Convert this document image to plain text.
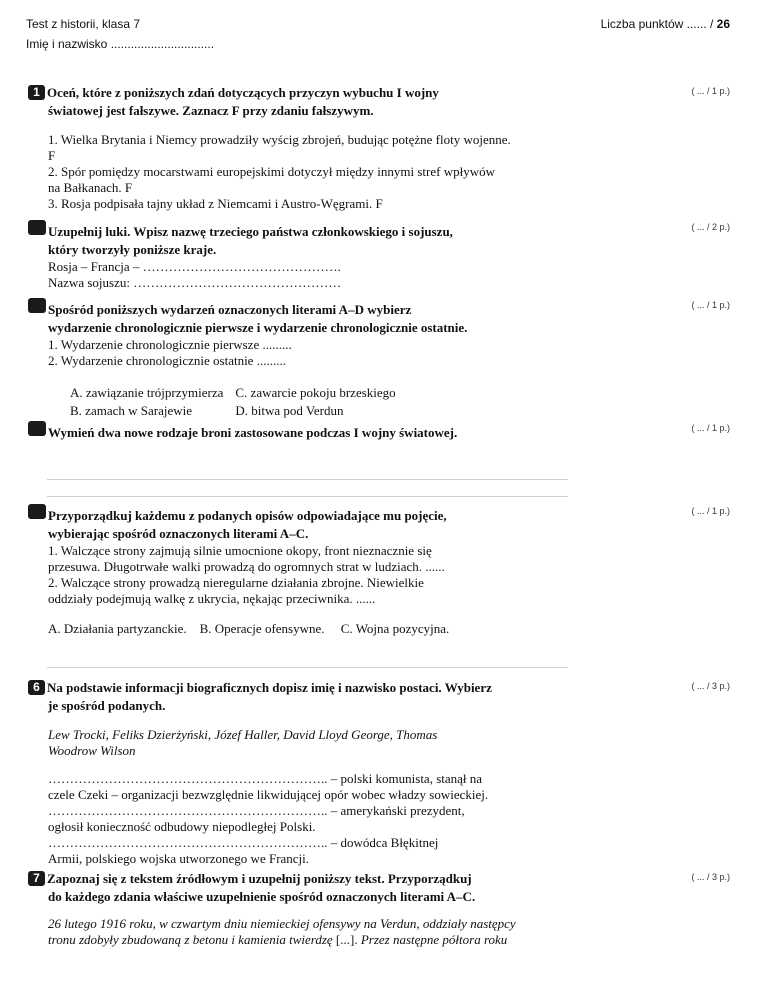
Test z historii, klasa 7
Imię i nazwisko ...............................
Liczba punktów ...... / 26
1 Oceń, które z poniższych zdań dotyczących przyczyn wybuchu I wojny
światowej jest fałszywe. Zaznacz F przy zdaniu fałszywym.
1. Wielka Brytania i Niemcy prowadziły wyścig zbrojeń, budując potężne floty wojenne.
F
2. Spór pomiędzy mocarstwami europejskimi dotyczył między innymi stref wpływów
na Bałkanach. F
3. Rosja podpisała tajny układ z Niemcami i Austro-Węgrami. F
( ... / 1 p.)
Uzupełnij luki. Wpisz nazwę trzeciego państwa członkowskiego i sojuszu,
który tworzyły poniższe kraje.
Rosja – Francja – ……………………………………….
Nazwa sojuszu: …………………………………………
( ... / 2 p.)
Spośród poniższych wydarzeń oznaczonych literami A–D wybierz
wydarzenie chronologicznie pierwsze i wydarzenie chronologicznie ostatnie.
1. Wydarzenie chronologicznie pierwsze .........
2. Wydarzenie chronologicznie ostatnie .........
A. zawiązanie trójprzymierza	C. zawarcie pokoju brzeskiego
B. zamach w Sarajewie	D. bitwa pod Verdun
( ... / 1 p.)
Wymień dwa nowe rodzaje broni zastosowane podczas I wojny światowej.	( ... / 1 p.)
Przyporządkuj każdemu z podanych opisów odpowiadające mu pojęcie,
wybierając spośród oznaczonych literami A–C.
1. Walczące strony zajmują silnie umocnione okopy, front nieznacznie się
przesuwa. Długotrwałe walki prowadzą do ogromnych strat w ludziach. ......
2. Walczące strony prowadzą nieregularne działania zbrojne. Niewielkie
oddziały podejmują walkę z ukrycia, nękając przeciwnika. ......
A. Działania partyzanckie. B. Operacje ofensywne. C. Wojna pozycyjna.
( ... / 1 p.)
6 Na podstawie informacji biograficznych dopisz imię i nazwisko postaci. Wybierz
je spośród podanych.
Lew Trocki, Feliks Dzierżyński, Józef Haller, David Lloyd George, Thomas
Woodrow Wilson
……………………………………………………….. – polski komunista, stanął na
czele Czeki – organizacji bezwzględnie likwidującej opór wobec władzy sowieckiej.
……………………………………………………….. – amerykański prezydent,
ogłosił konieczność odbudowy niepodległej Polski.
……………………………………………………….. – dowódca Błękitnej
Armii, polskiego wojska utworzonego we Francji.
( ... / 3 p.)
7 Zapoznaj się z tekstem źródłowym i uzupełnij poniższy tekst. Przyporządkuj
do każdego zdania właściwe uzupełnienie spośród oznaczonych literami A–C.
26 lutego 1916 roku, w czwartym dniu niemieckiej ofensywy na Verdun, oddziały następcy
tronu zdobyły zbudowaną z betonu i kamienia twierdzę [...]. Przez następne półtora roku
( ... / 3 p.)
